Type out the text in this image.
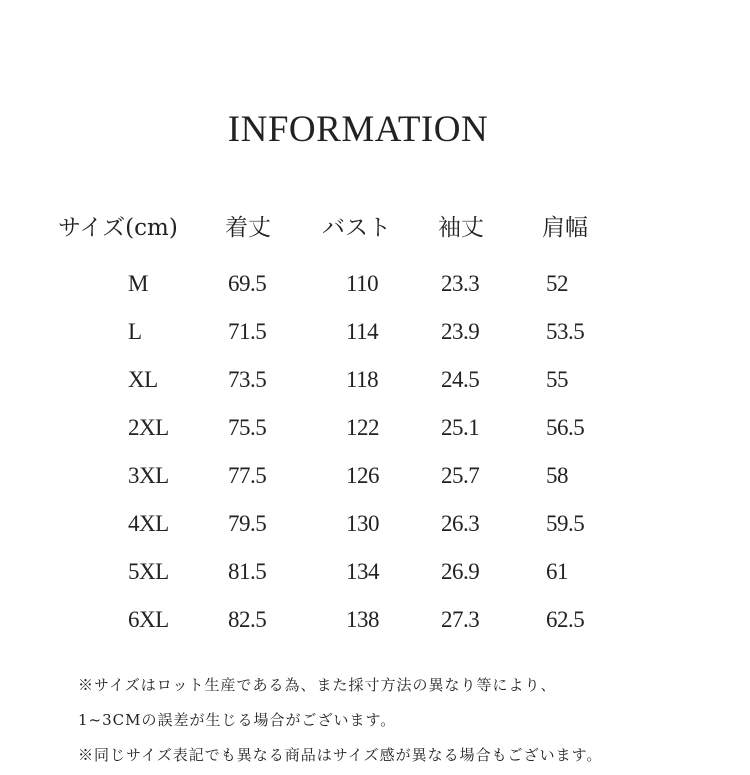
INFORMATION
サイズ(cm) 着丈 バスト 袖丈	肩幅
M	69.5	110	23.3	52
L	71.5	114	23.9	53.5
XL	73.5	118	24.5	55
2XL	75.5	122	25.1	56.5
3XL	77.5	126	25.7	58
4XL	79.5	130	26.3	59.5
5XL	81.5	134	26.9	61
6XL	82.5	138	27.3	62.5
※サイズはロット生産である為、また採寸方法の異なり等により、
1~3CMの誤差が生じる場合がございます。
※同じサイズ表記でも異なる商品はサイズ感が異なる場合もございます。
